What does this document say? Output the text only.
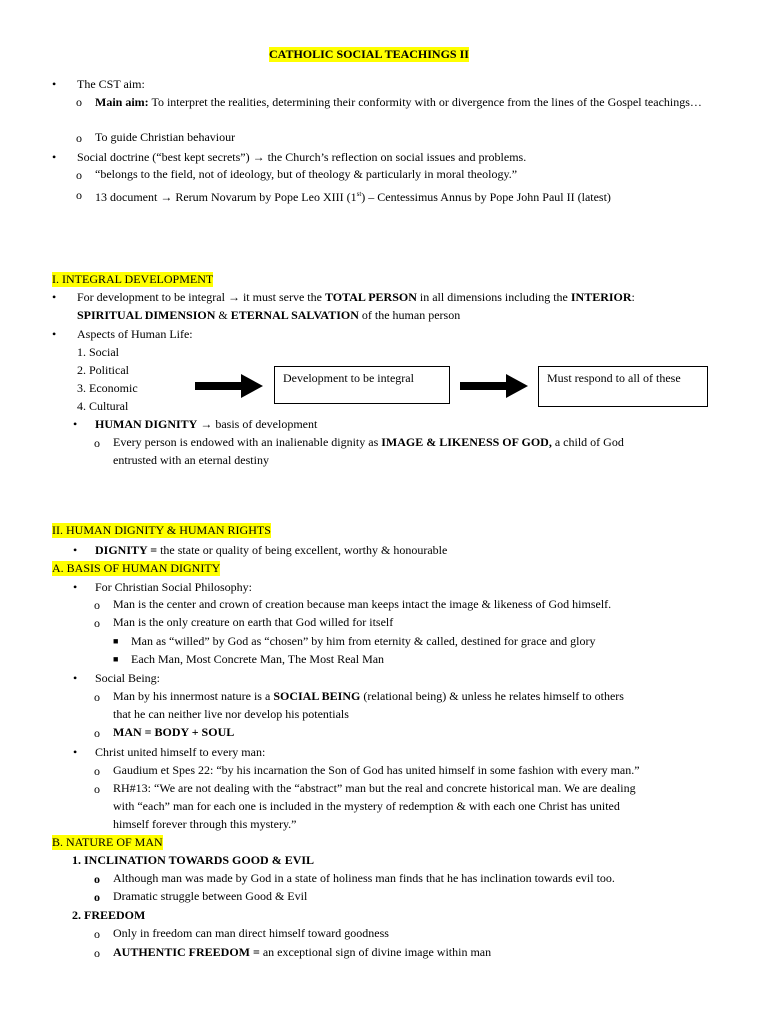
CATHOLIC SOCIAL TEACHINGS II
• The CST aim:
o Main aim: To interpret the realities, determining their conformity with or divergence from the lines of the Gospel teachings…
o To guide Christian behaviour
• Social doctrine (“best kept secrets”) → the Church’s reflection on social issues and problems.
o “belongs to the field, not of ideology, but of theology & particularly in moral theology.”
o 13 document → Rerum Novarum by Pope Leo XIII (1st) – Centessimus Annus by Pope John Paul II (latest)
I. INTEGRAL DEVELOPMENT
• For development to be integral → it must serve the TOTAL PERSON in all dimensions including the INTERIOR:
SPIRITUAL DIMENSION & ETERNAL SALVATION of the human person
• Aspects of Human Life:
1. Social
2. Political
3. Economic
4. Cultural
Development to be integral	Must respond to all of these
• HUMAN DIGNITY → basis of development
o Every person is endowed with an inalienable dignity as IMAGE & LIKENESS OF GOD, a child of God
entrusted with an eternal destiny
II. HUMAN DIGNITY & HUMAN RIGHTS
• DIGNITY = the state or quality of being excellent, worthy & honourable
A. BASIS OF HUMAN DIGNITY
• For Christian Social Philosophy:
o Man is the center and crown of creation because man keeps intact the image & likeness of God himself.
o Man is the only creature on earth that God willed for itself
■ Man as “willed” by God as “chosen” by him from eternity & called, destined for grace and glory
■ Each Man, Most Concrete Man, The Most Real Man
• Social Being:
o Man by his innermost nature is a SOCIAL BEING (relational being) & unless he relates himself to others
that he can neither live nor develop his potentials
o MAN = BODY + SOUL
• Christ united himself to every man:
o Gaudium et Spes 22: “by his incarnation the Son of God has united himself in some fashion with every man.”
o RH#13: “We are not dealing with the “abstract” man but the real and concrete historical man. We are dealing
with “each” man for each one is included in the mystery of redemption & with each one Christ has united
himself forever through this mystery.”
B. NATURE OF MAN
1. INCLINATION TOWARDS GOOD & EVIL
o Although man was made by God in a state of holiness man finds that he has inclination towards evil too.
o Dramatic struggle between Good & Evil
2. FREEDOM
o Only in freedom can man direct himself toward goodness
o AUTHENTIC FREEDOM = an exceptional sign of divine image within man
